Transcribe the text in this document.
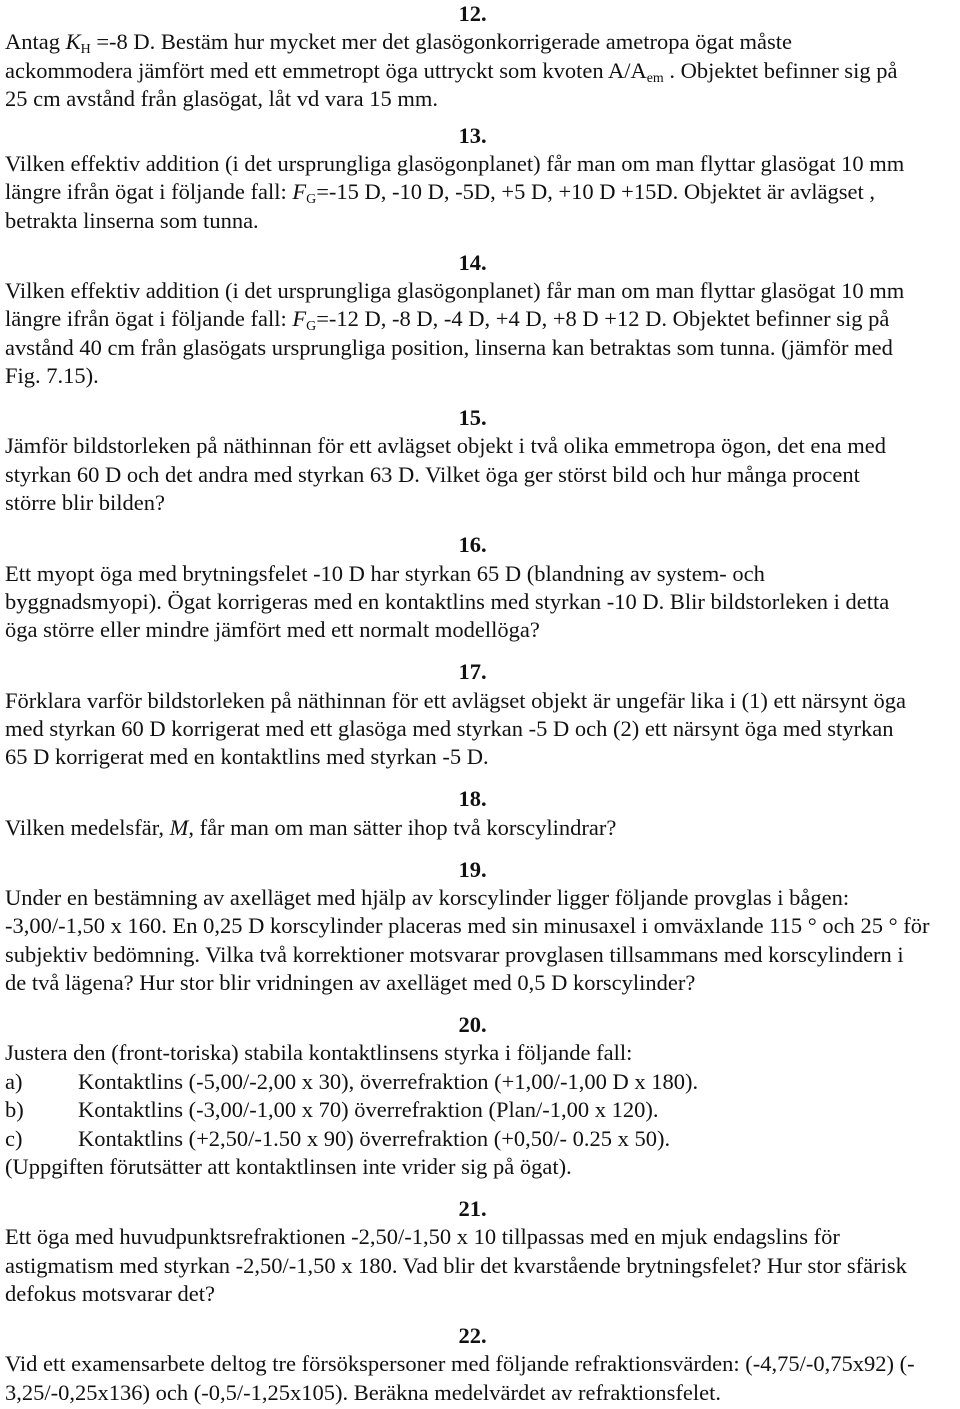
12.
Antag $K_H =-8$ D. Bestäm hur mycket mer det glasögonkorrigerade ametropa ögat måste
ackommodera jämfört med ett emmetropt öga uttryckt som kvoten $A/A_{em}$ . Objektet befinner sig på
25 cm avstånd från glasögat, låt vd vara 15 mm.
13.
Vilken effektiv addition (i det ursprungliga glasögonplanet) får man om man flyttar glasögat 10 mm
längre ifrån ögat i följande fall: $F_G=-15$ D, -10 D, -5D, +5 D, +10 D +15D. Objektet är avlägset ,
betrakta linserna som tunna.
14.
Vilken effektiv addition (i det ursprungliga glasögonplanet) får man om man flyttar glasögat 10 mm
längre ifrån ögat i följande fall: $F_G=-12$ D, -8 D, -4 D, +4 D, +8 D +12 D. Objektet befinner sig på
avstånd 40 cm från glasögats ursprungliga position, linserna kan betraktas som tunna. (jämför med
Fig. 7.15).
15.
Jämför bildstorleken på näthinnan för ett avlägset objekt i två olika emmetropa ögon, det ena med
styrkan 60 D och det andra med styrkan 63 D. Vilket öga ger störst bild och hur många procent
större blir bilden?
16.
Ett myopt öga med brytningsfelet -10 D har styrkan 65 D (blandning av system- och
byggnadsmyopi). Ögat korrigeras med en kontaktlins med styrkan -10 D. Blir bildstorleken i detta
öga större eller mindre jämfört med ett normalt modellöga?
17.
Förklara varför bildstorleken på näthinnan för ett avlägset objekt är ungefär lika i (1) ett närsynt öga
med styrkan 60 D korrigerat med ett glasöga med styrkan -5 D och (2) ett närsynt öga med styrkan
65 D korrigerat med en kontaktlins med styrkan -5 D.
18.
Vilken medelsfär, M, får man om man sätter ihop två korscylindrar?
19.
Under en bestämning av axelläget med hjälp av korscylinder ligger följande provglas i bågen:
-3,00/-1,50 x 160. En 0,25 D korscylinder placeras med sin minusaxel i omväxlande 115 ° och 25 ° för
subjektiv bedömning. Vilka två korrektioner motsvarar provglasen tillsammans med korscylindern i
de två lägena? Hur stor blir vridningen av axelläget med 0,5 D korscylinder?
20.
Justera den (front-toriska) stabila kontaktlinsens styrka i följande fall:
a) Kontaktlins (-5,00/-2,00 x 30), överrefraktion (+1,00/-1,00 D x 180).
b) Kontaktlins (-3,00/-1,00 x 70) överrefraktion (Plan/-1,00 x 120).
c) Kontaktlins (+2,50/-1.50 x 90) överrefraktion (+0,50/- 0.25 x 50).
(Uppgiften förutsätter att kontaktlinsen inte vrider sig på ögat).
21.
Ett öga med huvudpunktsrefraktionen -2,50/-1,50 x 10 tillpassas med en mjuk endagslins för
astigmatism med styrkan -2,50/-1,50 x 180. Vad blir det kvarstående brytningsfelet? Hur stor sfärisk
defokus motsvarar det?
22.
Vid ett examensarbete deltog tre försökspersoner med följande refraktionsvärden: (-4,75/-0,75x92) (-
3,25/-0,25x136) och (-0,5/-1,25x105). Beräkna medelvärdet av refraktionsfelet.
